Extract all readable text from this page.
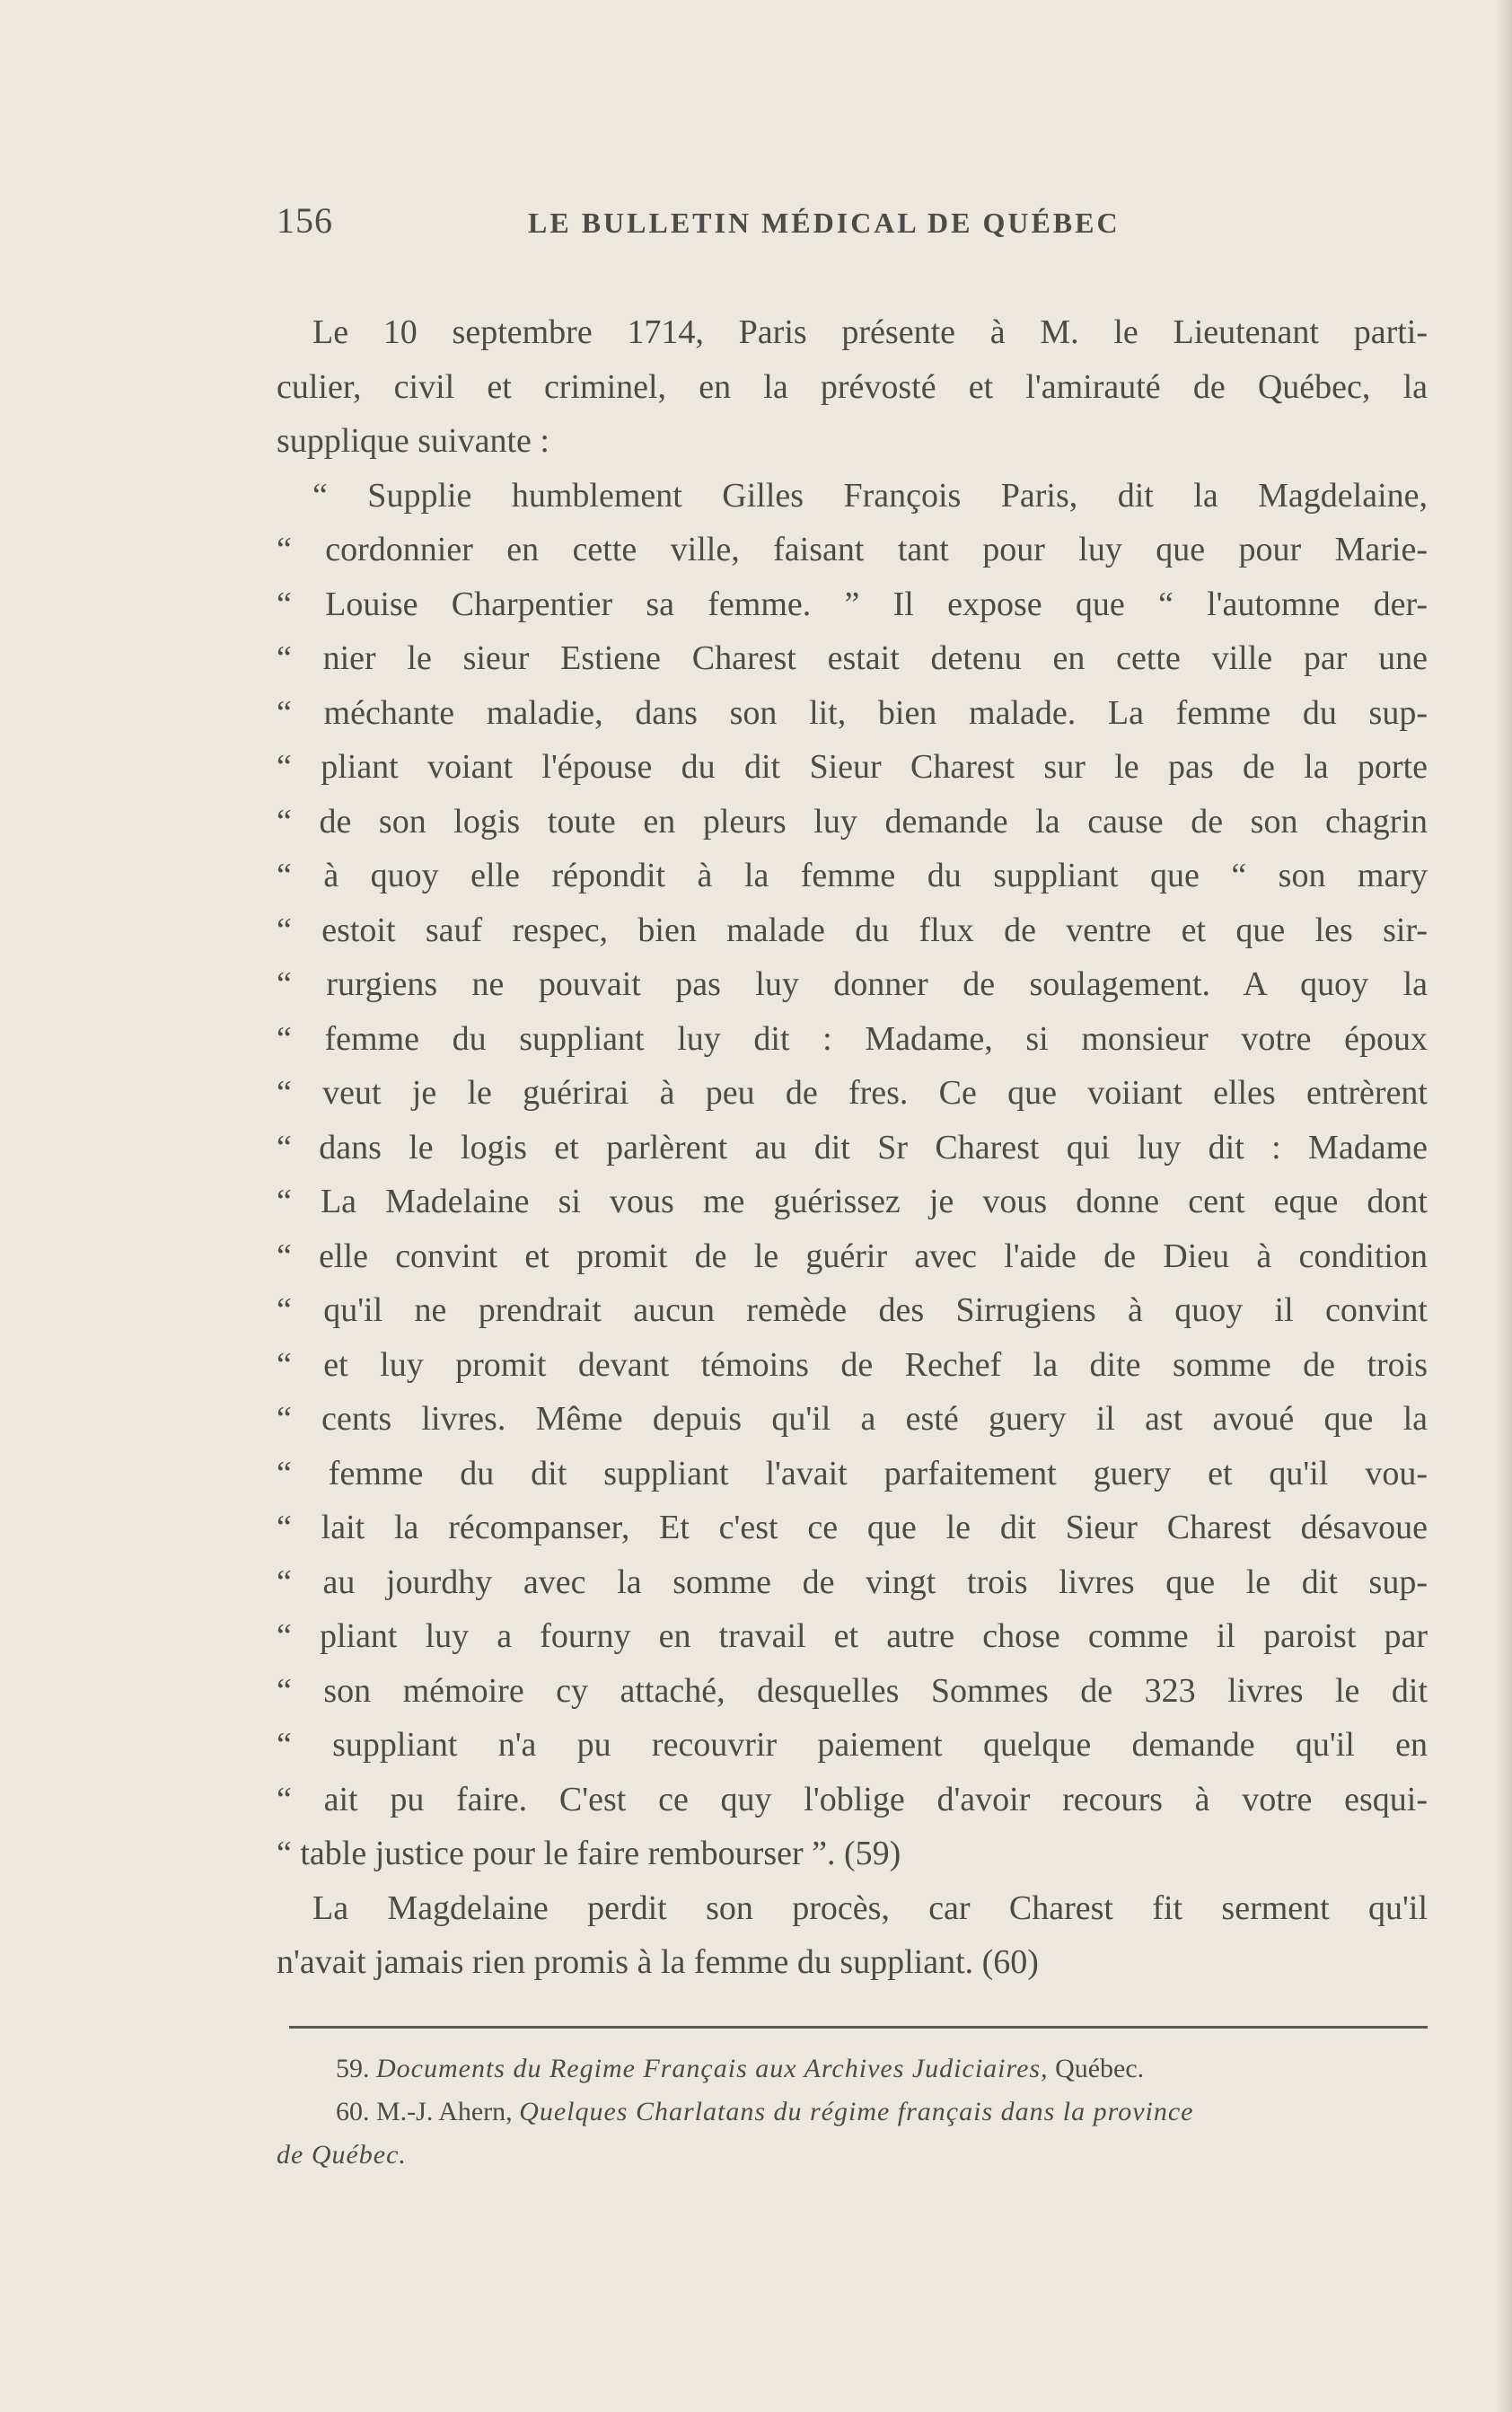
156	LE BULLETIN MÉDICAL DE QUÉBEC
Le 10 septembre 1714, Paris présente à M. le Lieutenant parti-
culier, civil et criminel, en la prévosté et l'amirauté de Québec, la
supplique suivante :
“ Supplie humblement Gilles François Paris, dit la Magdelaine,
“ cordonnier en cette ville, faisant tant pour luy que pour Marie-
“ Louise Charpentier sa femme. ” Il expose que “ l'automne der-
“ nier le sieur Estiene Charest estait detenu en cette ville par une
“ méchante maladie, dans son lit, bien malade. La femme du sup-
“ pliant voiant l'épouse du dit Sieur Charest sur le pas de la porte
“ de son logis toute en pleurs luy demande la cause de son chagrin
“ à quoy elle répondit à la femme du suppliant que “ son mary
“ estoit sauf respec, bien malade du flux de ventre et que les sir-
“ rurgiens ne pouvait pas luy donner de soulagement. A quoy la
“ femme du suppliant luy dit : Madame, si monsieur votre époux
“ veut je le guérirai à peu de fres. Ce que voiiant elles entrèrent
“ dans le logis et parlèrent au dit Sr Charest qui luy dit : Madame
“ La Madelaine si vous me guérissez je vous donne cent eque dont
“ elle convint et promit de le guérir avec l'aide de Dieu à condition
“ qu'il ne prendrait aucun remède des Sirrugiens à quoy il convint
“ et luy promit devant témoins de Rechef la dite somme de trois
“ cents livres. Même depuis qu'il a esté guery il ast avoué que la
“ femme du dit suppliant l'avait parfaitement guery et qu'il vou-
“ lait la récompanser, Et c'est ce que le dit Sieur Charest désavoue
“ au jourdhy avec la somme de vingt trois livres que le dit sup-
“ pliant luy a fourny en travail et autre chose comme il paroist par
“ son mémoire cy attaché, desquelles Sommes de 323 livres le dit
“ suppliant n'a pu recouvrir paiement quelque demande qu'il en
“ ait pu faire. C'est ce quy l'oblige d'avoir recours à votre esqui-
“ table justice pour le faire rembourser ”. (59)
La Magdelaine perdit son procès, car Charest fit serment qu'il
n'avait jamais rien promis à la femme du suppliant. (60)
59. Documents du Regime Français aux Archives Judiciaires, Québec.
60. M.-J. Ahern, Quelques Charlatans du régime français dans la province
de Québec.
